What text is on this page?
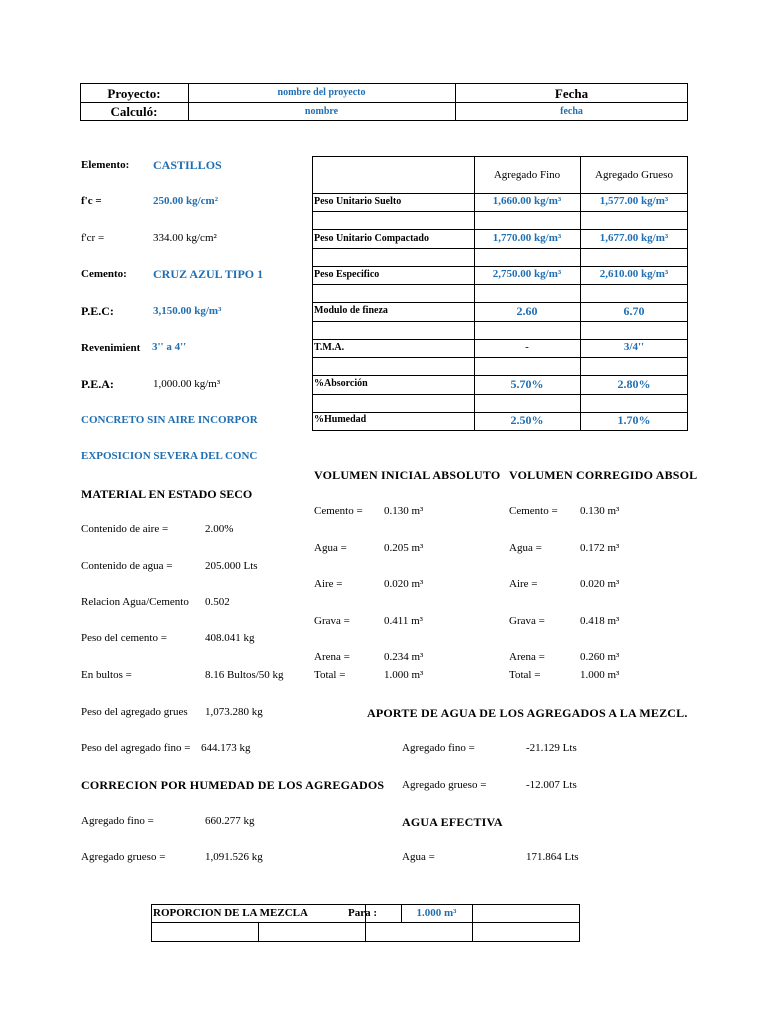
Proyecto:	nombre del proyecto	Fecha
Calculó:	nombre	fecha
Elemento: CASTILLOS
f'c =	250.00 kg/cm²
f'cr =	334.00 kg/cm²
Cemento: CRUZ AZUL TIPO 1
P.E.C:	3,150.00 kg/m³
Revenimient 3'' a 4''
P.E.A:	1,000.00 kg/m³
CONCRETO SIN AIRE INCORPOR
EXPOSICION SEVERA DEL CONC
Agregado Fino	Agregado Grueso
Peso Unitario Suelto	1,660.00 kg/m³	1,577.00 kg/m³
Peso Unitario Compactado	1,770.00 kg/m³	1,677.00 kg/m³
Peso Especifico	2,750.00 kg/m³	2,610.00 kg/m³
Modulo de fineza	2.60	6.70
T.M.A.	-	3/4''
%Absorción	5.70%	2.80%
%Humedad	2.50%	1.70%
VOLUMEN INICIAL ABSOLUTO VOLUMEN CORREGIDO ABSOL
MATERIAL EN ESTADO SECO
Contenido de aire =	2.00%
Contenido de agua =	205.000 Lts
Relacion Agua/Cemento 0.502
Peso del cemento =	408.041 kg
En bultos =	8.16 Bultos/50 kg
Peso del agregado grues 1,073.280 kg
Peso del agregado fino = 644.173 kg
Cemento = 0.130 m³
Agua =	0.205 m³
Aire =	0.020 m³
Grava =	0.411 m³
Arena =	0.234 m³
Total =	1.000 m³
Cemento = 0.130 m³
Agua =	0.172 m³
Aire =	0.020 m³
Grava =	0.418 m³
Arena =	0.260 m³
Total =	1.000 m³
APORTE DE AGUA DE LOS AGREGADOS A LA MEZCL.
Agregado fino =	-21.129 Lts
Agregado grueso =	-12.007 Lts
CORRECION POR HUMEDAD DE LOS AGREGADOS
Agregado fino =	660.277 kg
Agregado grueso =	1,091.526 kg
AGUA EFECTIVA
Agua =	171.864 Lts
ROPORCION DE LA MEZCLA	Para :	1.000 m³
